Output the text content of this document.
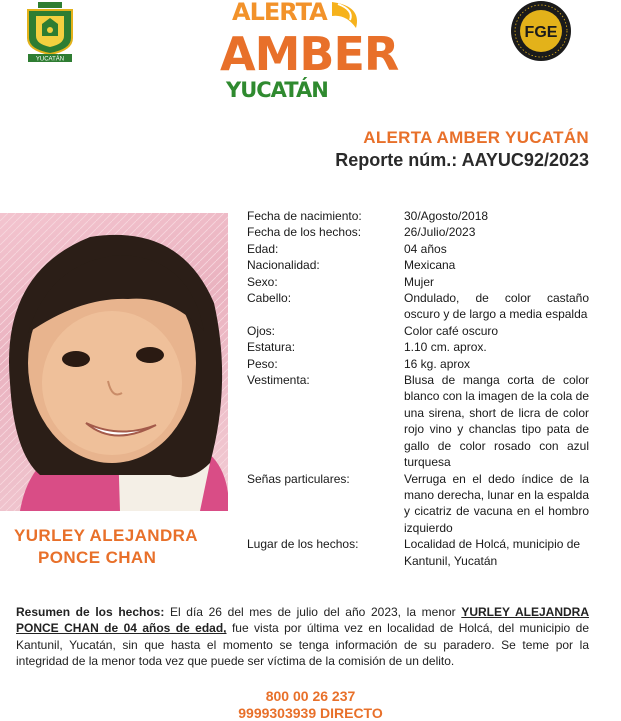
YUCATÁN
ALERTA
AMBER
YUCATÁN
FGE
ALERTA AMBER YUCATÁN
Reporte núm.: AAYUC92/2023
YURLEY ALEJANDRA
PONCE CHAN
Fecha de nacimiento:	30/Agosto/2018
Fecha de los hechos:	26/Julio/2023
Edad:	04 años
Nacionalidad:	Mexicana
Sexo:	Mujer
Cabello:	Ondulado, de color castaño oscuro y de largo a media espalda
Ojos:	Color café oscuro
Estatura:	1.10 cm. aprox.
Peso:	16 kg. aprox
Vestimenta:	Blusa de manga corta de color blanco con la imagen de la cola de una sirena, short de licra de color rojo vino y chanclas tipo pata de gallo de color rosado con azul turquesa
Señas particulares:	Verruga en el dedo índice de la mano derecha, lunar en la espalda y cicatriz de vacuna en el hombro izquierdo
Lugar de los hechos:	Localidad de Holcá, municipio de Kantunil, Yucatán
Resumen de los hechos: El día 26 del mes de julio del año 2023, la menor YURLEY ALEJANDRA PONCE CHAN de 04 años de edad, fue vista por última vez en localidad de Holcá, del municipio de Kantunil, Yucatán, sin que hasta el momento se tenga información de su paradero. Se teme por la integridad de la menor toda vez que puede ser víctima de la comisión de un delito.
800 00 26 237
9999303939 DIRECTO
